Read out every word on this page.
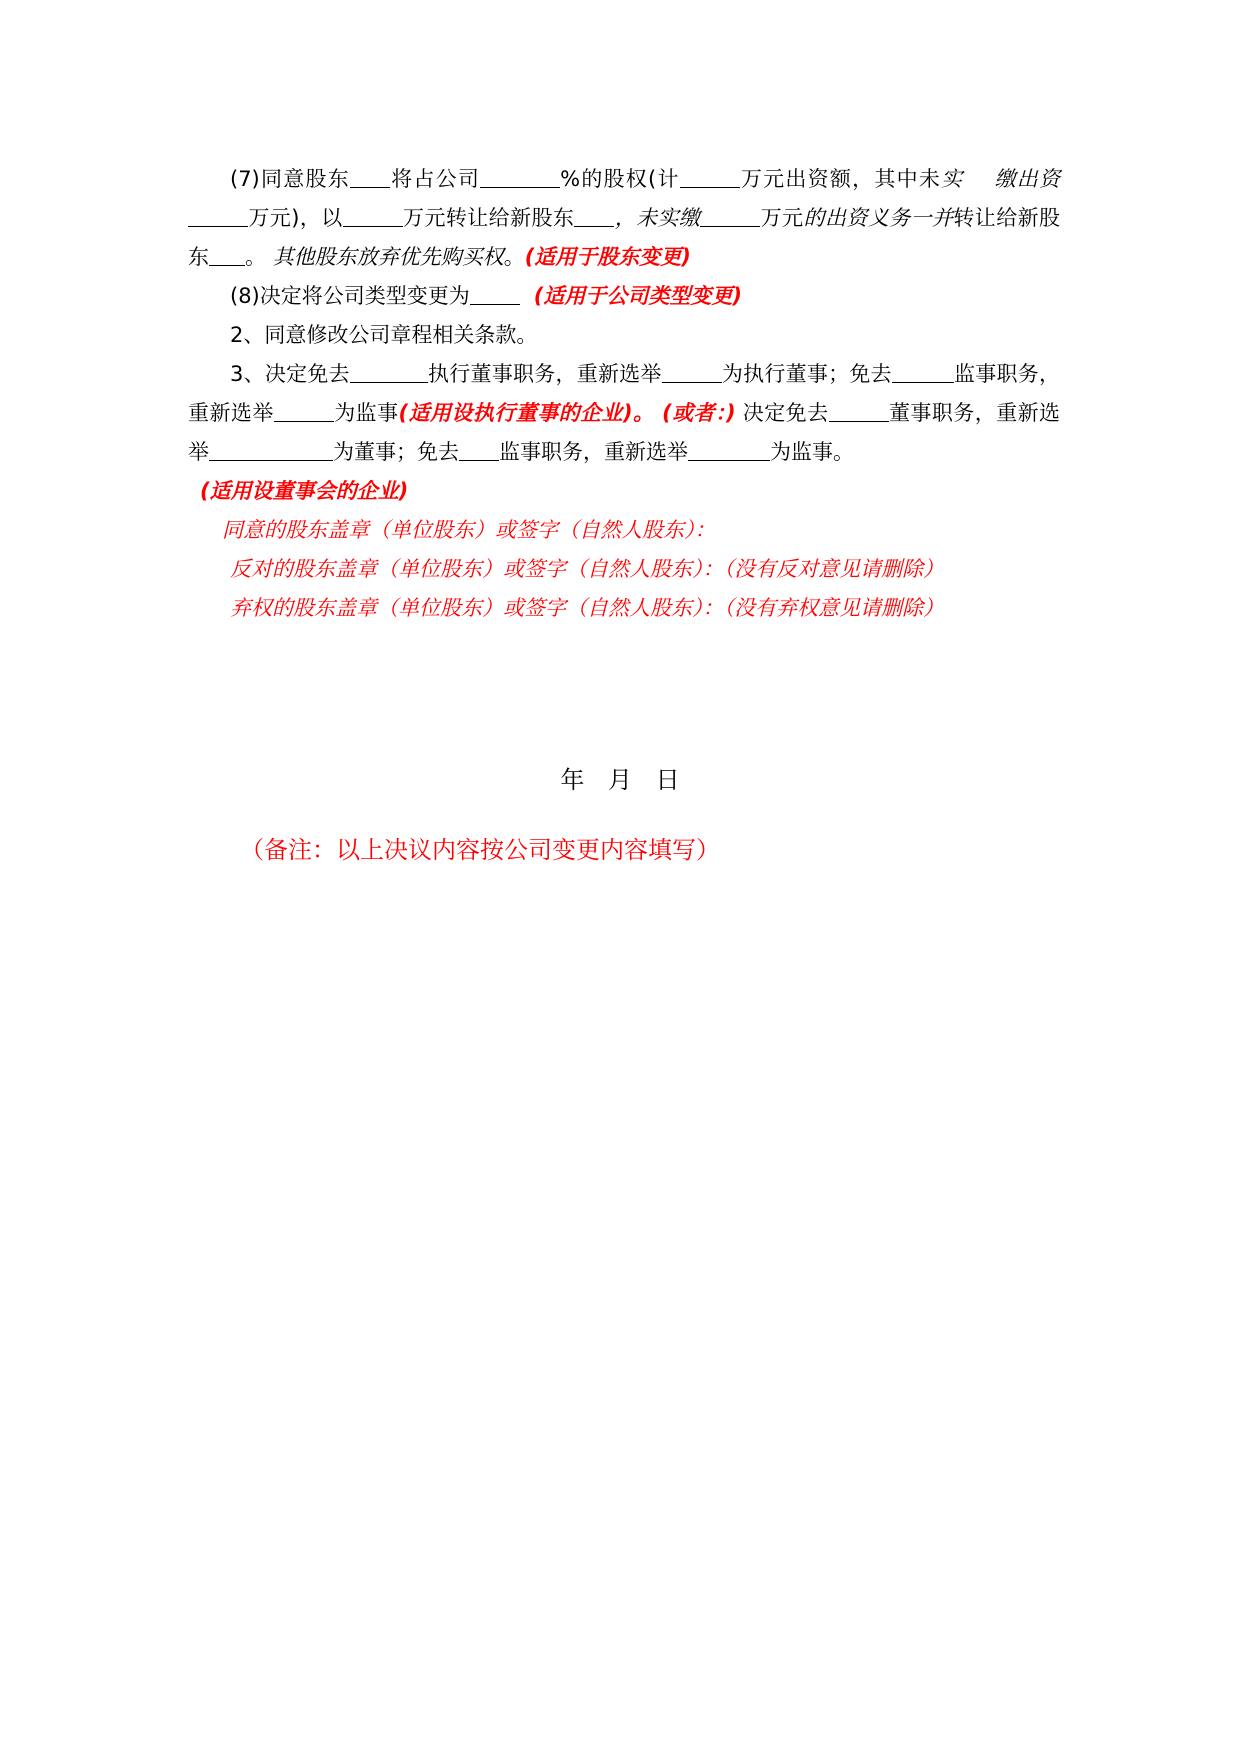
(7)同意股东 将占公司	%的股权(计	万元出资额，其中未实 缴出资万元)，以	万元转让给新股东 ，未实缴	万元的出资义务一并转让给新股东 。 其他股东放弃优先购买权。(适用于股东变更)

(8)决定将公司类型变更为	(适用于公司类型变更)

2、同意修改公司章程相关条款。

3、决定免去	执行董事职务，重新选举	为执行董事；免去	监事职务，重新选举	为监事(适用设执行董事的企业)。 (或者：) 决定免去	董事职务，重新选举	为董事；免去 监事职务，重新选举	为监事。

(适用设董事会的企业)

同意的股东盖章（单位股东）或签字（自然人股东）：

反对的股东盖章（单位股东）或签字（自然人股东）：（没有反对意见请删除）

弃权的股东盖章（单位股东）或签字（自然人股东）：（没有弃权意见请删除）

年 月 日
（备注：以上决议内容按公司变更内容填写）
